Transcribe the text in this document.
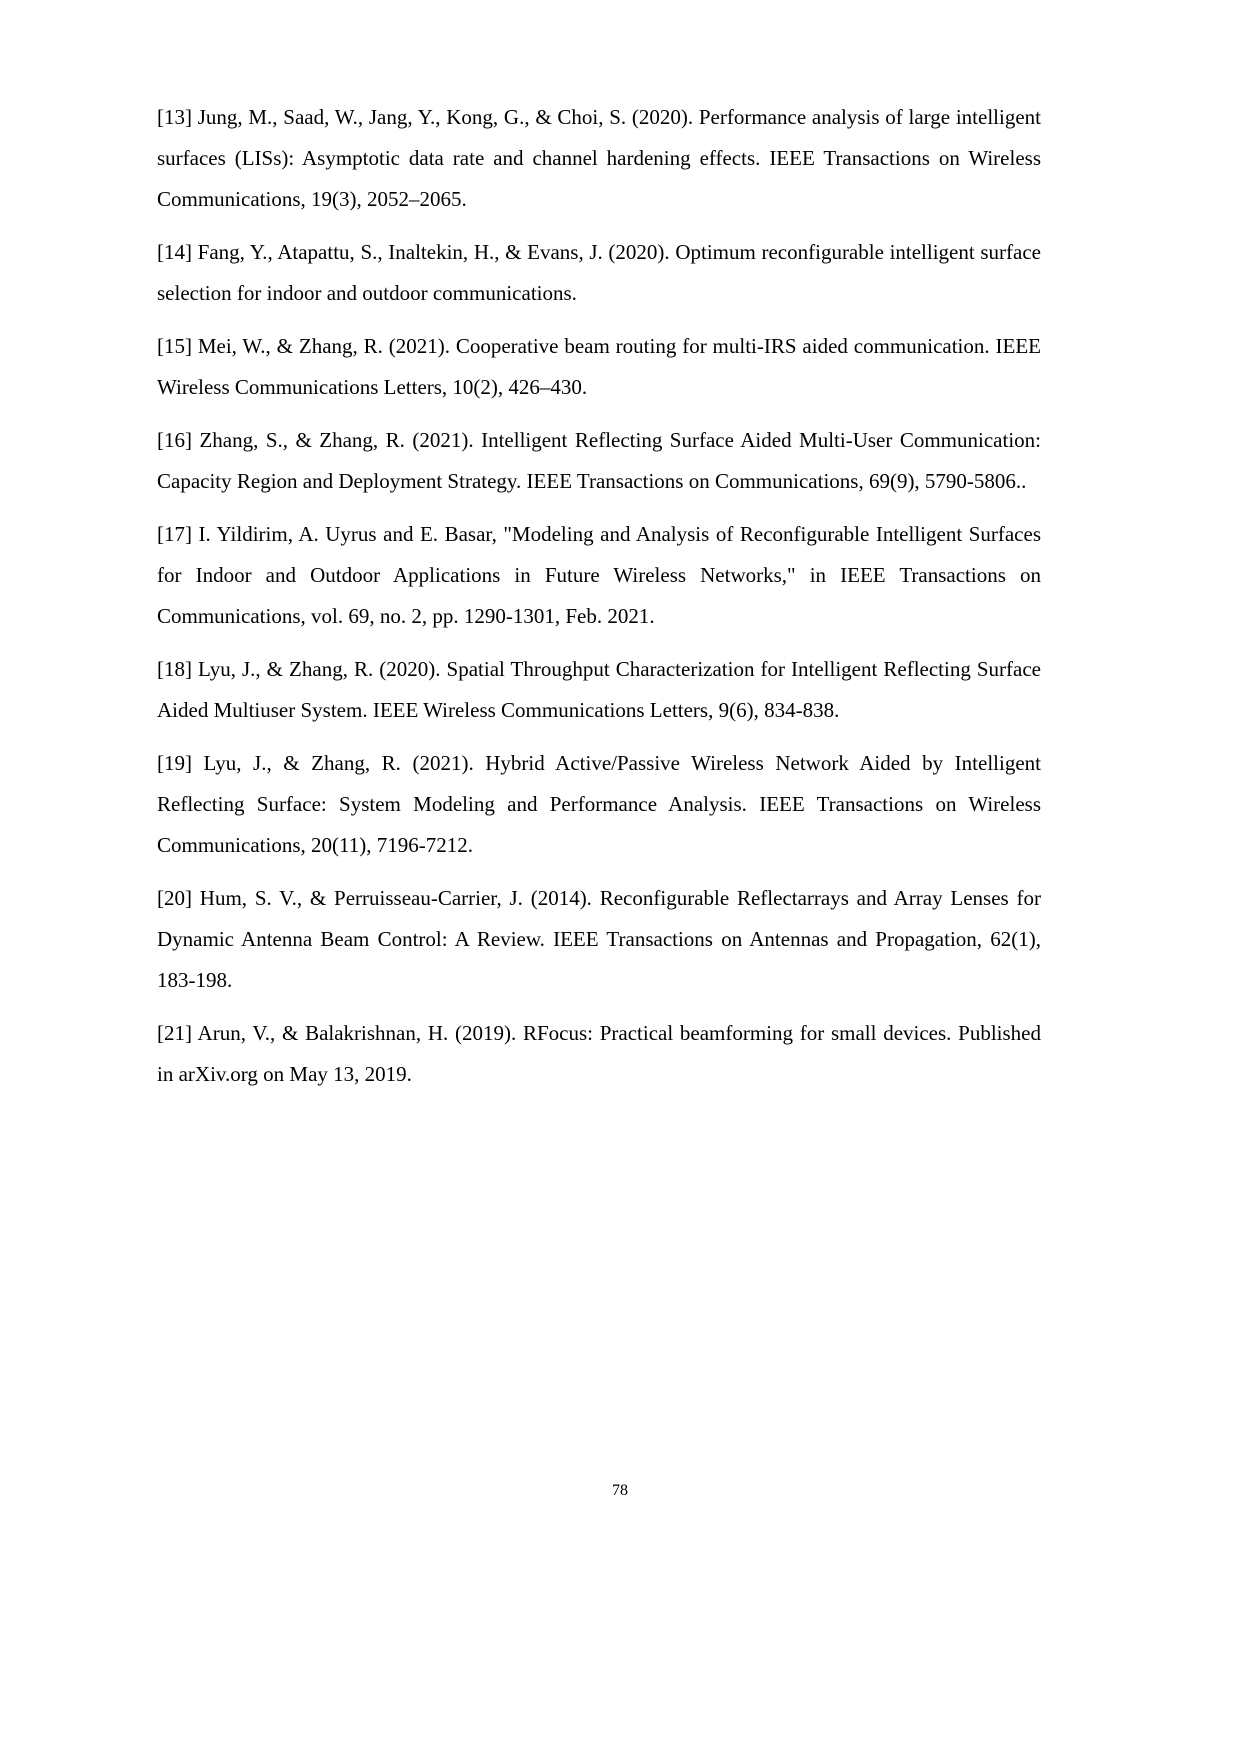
[13] Jung, M., Saad, W., Jang, Y., Kong, G., & Choi, S. (2020). Performance analysis of large intelligent surfaces (LISs): Asymptotic data rate and channel hardening effects. IEEE Transactions on Wireless Communications, 19(3), 2052–2065.

[14] Fang, Y., Atapattu, S., Inaltekin, H., & Evans, J. (2020). Optimum reconfigurable intelligent surface selection for indoor and outdoor communications.

[15] Mei, W., & Zhang, R. (2021). Cooperative beam routing for multi-IRS aided communication. IEEE Wireless Communications Letters, 10(2), 426–430.

[16] Zhang, S., & Zhang, R. (2021). Intelligent Reflecting Surface Aided Multi-User Communication: Capacity Region and Deployment Strategy. IEEE Transactions on Communications, 69(9), 5790-5806..

[17] I. Yildirim, A. Uyrus and E. Basar, "Modeling and Analysis of Reconfigurable Intelligent Surfaces for Indoor and Outdoor Applications in Future Wireless Networks," in IEEE Transactions on Communications, vol. 69, no. 2, pp. 1290-1301, Feb. 2021.

[18] Lyu, J., & Zhang, R. (2020). Spatial Throughput Characterization for Intelligent Reflecting Surface Aided Multiuser System. IEEE Wireless Communications Letters, 9(6), 834-838.

[19] Lyu, J., & Zhang, R. (2021). Hybrid Active/Passive Wireless Network Aided by Intelligent Reflecting Surface: System Modeling and Performance Analysis. IEEE Transactions on Wireless Communications, 20(11), 7196-7212.

[20] Hum, S. V., & Perruisseau-Carrier, J. (2014). Reconfigurable Reflectarrays and Array Lenses for Dynamic Antenna Beam Control: A Review. IEEE Transactions on Antennas and Propagation, 62(1), 183-198.

[21] Arun, V., & Balakrishnan, H. (2019). RFocus: Practical beamforming for small devices. Published in arXiv.org on May 13, 2019.

78
